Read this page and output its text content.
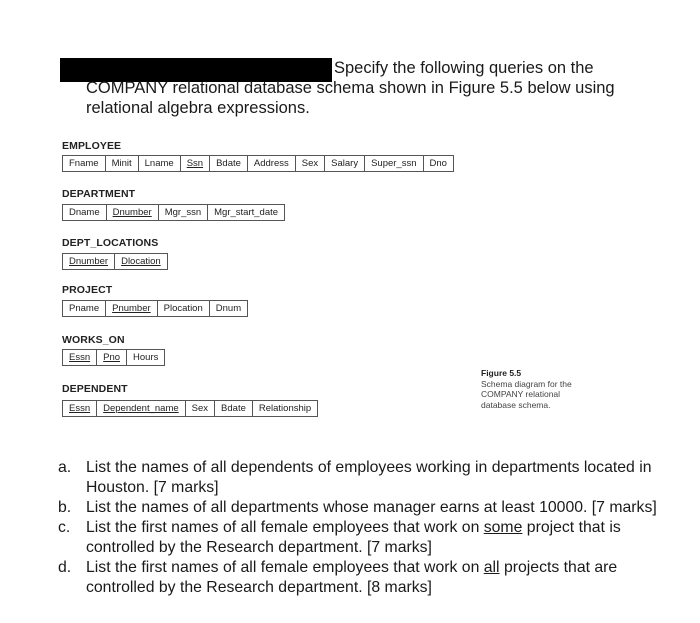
Specify the following queries on the
COMPANY relational database schema shown in Figure 5.5 below using
relational algebra expressions.

EMPLOYEE
Fname	Minit	Lname	Ssn	Bdate	Address	Sex	Salary	Super_ssn	Dno
DEPARTMENT
Dname	Dnumber	Mgr_ssn	Mgr_start_date
DEPT_LOCATIONS
Dnumber	Dlocation
PROJECT
Pname	Pnumber	Plocation	Dnum
WORKS_ON
Essn	Pno	Hours
DEPENDENT
Essn	Dependent_name	Sex	Bdate	Relationship
Figure 5.5
Schema diagram for the
COMPANY relational
database schema.
a. List the names of all dependents of employees working in departments located in Houston. [7 marks]
b. List the names of all departments whose manager earns at least 10000. [7 marks]
c. List the first names of all female employees that work on some project that is controlled by the Research department. [7 marks]
d. List the first names of all female employees that work on all projects that are controlled by the Research department. [8 marks]
